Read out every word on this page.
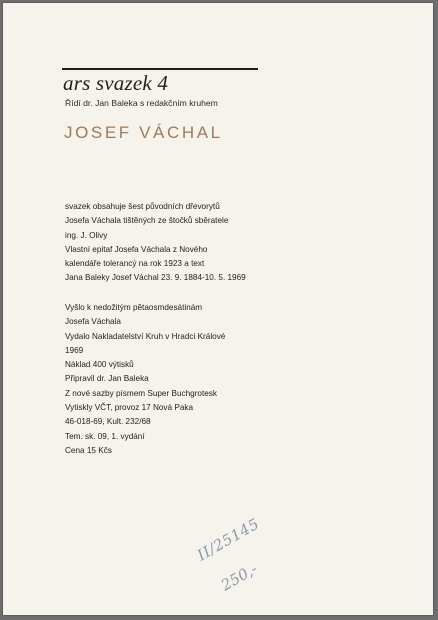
ars svazek 4
Řídí dr. Jan Baleka s redakčním kruhem
JOSEF VÁCHAL
svazek obsahuje šest původních dřevorytů
Josefa Váchala tištěných ze štočků sběratele
ing. J. Olivy
Vlastní epitaf Josefa Váchala z Nového
kalendáře tolerancý na rok 1923 a text
Jana Baleky Josef Váchal 23. 9. 1884-10. 5. 1969
Vyšlo k nedožitým pětaosmdesátinám
Josefa Váchala
Vydalo Nakladatelství Kruh v Hradci Králové
1969
Náklad 400 výtisků
Připravil dr. Jan Baleka
Z nové sazby písmem Super Buchgrotesk
Vytiskly VČT, provoz 17 Nová Paka
46-018-69, Kult. 232/68
Tem. sk. 09, 1. vydání
Cena 15 Kčs
II/25145
250,-
